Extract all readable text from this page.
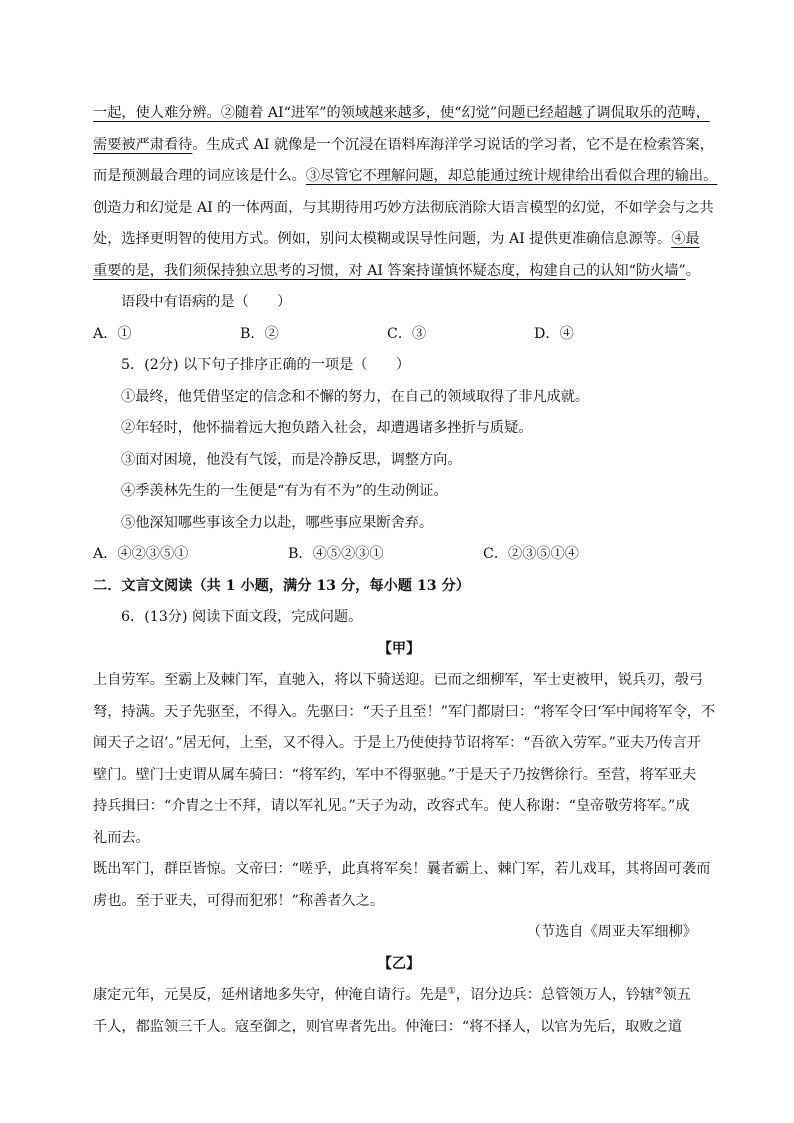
一起，使人难分辨。②随着 AI“进军”的领域越来越多，使“幻觉”问题已经超越了调侃取乐的范畴，

需要被严肃看待。生成式 AI 就像是一个沉浸在语料库海洋学习说话的学习者，它不是在检索答案，

而是预测最合理的词应该是什么。③尽管它不理解问题，却总能通过统计规律给出看似合理的输出。

创造力和幻觉是 AI 的一体两面，与其期待用巧妙方法彻底消除大语言模型的幻觉，不如学会与之共

处，选择更明智的使用方式。例如，别问太模糊或误导性问题，为 AI 提供更准确信息源等。④最

重要的是，我们须保持独立思考的习惯，对 AI 答案持谨慎怀疑态度，构建自己的认知“防火墙”。

语段中有语病的是（　　）

A．①	B．②	C．③	D．④

5．(2分) 以下句子排序正确的一项是（　　）

①最终，他凭借坚定的信念和不懈的努力，在自己的领域取得了非凡成就。

②年轻时，他怀揣着远大抱负踏入社会，却遭遇诸多挫折与质疑。

③面对困境，他没有气馁，而是冷静反思，调整方向。

④季羡林先生的一生便是“有为有不为”的生动例证。

⑤他深知哪些事该全力以赴，哪些事应果断舍弃。

A．④②③⑤①	B．④⑤②③①	C．②③⑤①④

二．文言文阅读（共 1 小题，满分 13 分，每小题 13 分）

6．(13分) 阅读下面文段，完成问题。

【甲】

上自劳军。至霸上及棘门军，直驰入，将以下骑送迎。已而之细柳军，军士吏被甲，锐兵刃，彀弓

弩，持满。天子先驱至，不得入。先驱曰：“天子且至！”军门都尉曰：“将军令曰‘军中闻将军令，不

闻天子之诏’。”居无何，上至，又不得入。于是上乃使使持节诏将军：“吾欲入劳军。”亚夫乃传言开

壁门。壁门士吏谓从属车骑曰：“将军约，军中不得驱驰。”于是天子乃按辔徐行。至营，将军亚夫

持兵揖曰：“介胄之士不拜，请以军礼见。”天子为动，改容式车。使人称谢：“皇帝敬劳将军。”成

礼而去。

既出军门，群臣皆惊。文帝曰：“嗟乎，此真将军矣！曩者霸上、棘门军，若儿戏耳，其将固可袭而

虏也。至于亚夫，可得而犯邪！”称善者久之。

（节选自《周亚夫军细柳》

【乙】

康定元年，元昊反，延州诸地多失守，仲淹自请行。先是①，诏分边兵：总管领万人，钤辖②领五

千人，都监领三千人。寇至御之，则官卑者先出。仲淹曰：“将不择人，以官为先后，取败之道
